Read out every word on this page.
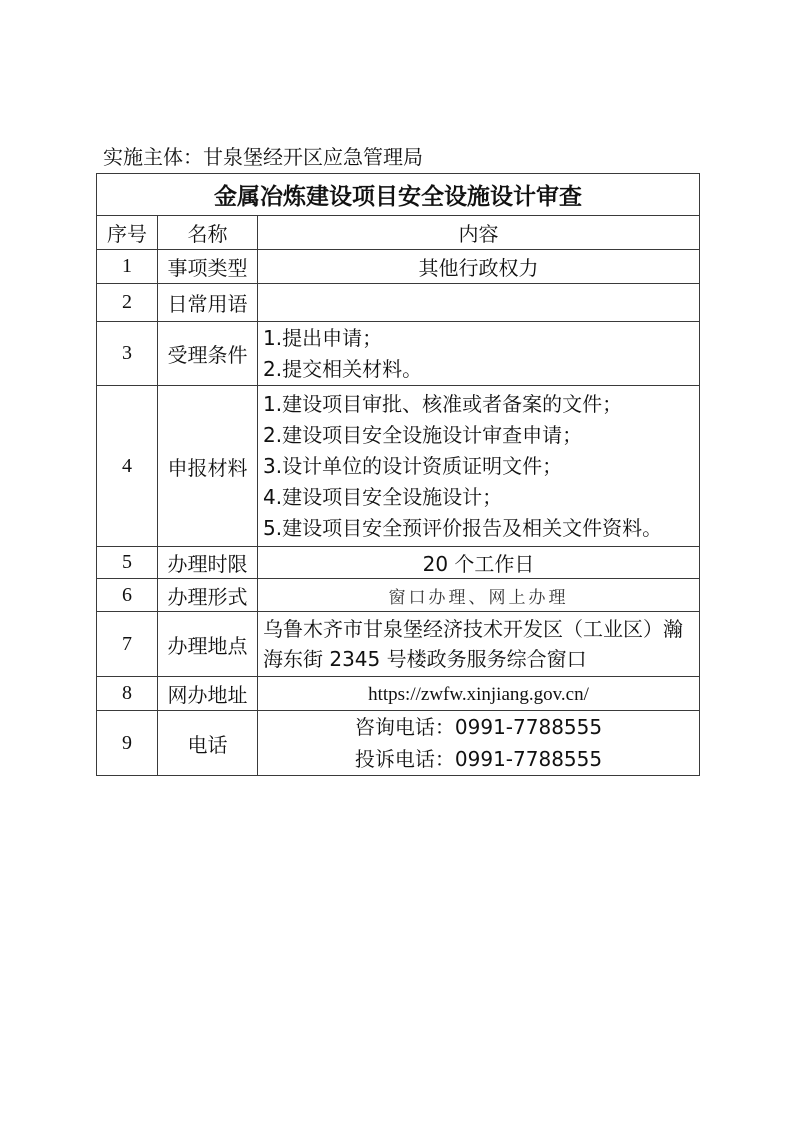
实施主体：甘泉堡经开区应急管理局
金属冶炼建设项目安全设施设计审查		
序号	名称	内容
1	事项类型	其他行政权力
2	日常用语	
3	受理条件	1.提出申请；
2.提交相关材料。

4	申报材料	1.建设项目审批、核准或者备案的文件；
2.建设项目安全设施设计审查申请；
3.设计单位的设计资质证明文件；
4.建设项目安全设施设计；
5.建设项目安全预评价报告及相关文件资料。

5	办理时限	20 个工作日
6	办理形式	窗口办理、网上办理
7	办理地点	乌鲁木齐市甘泉堡经济技术开发区（工业区）瀚海东街 2345 号楼政务服务综合窗口

8	网办地址	https://zwfw.xinjiang.gov.cn/
9	电话	咨询电话：0991-7788555
投诉电话：0991-7788555
